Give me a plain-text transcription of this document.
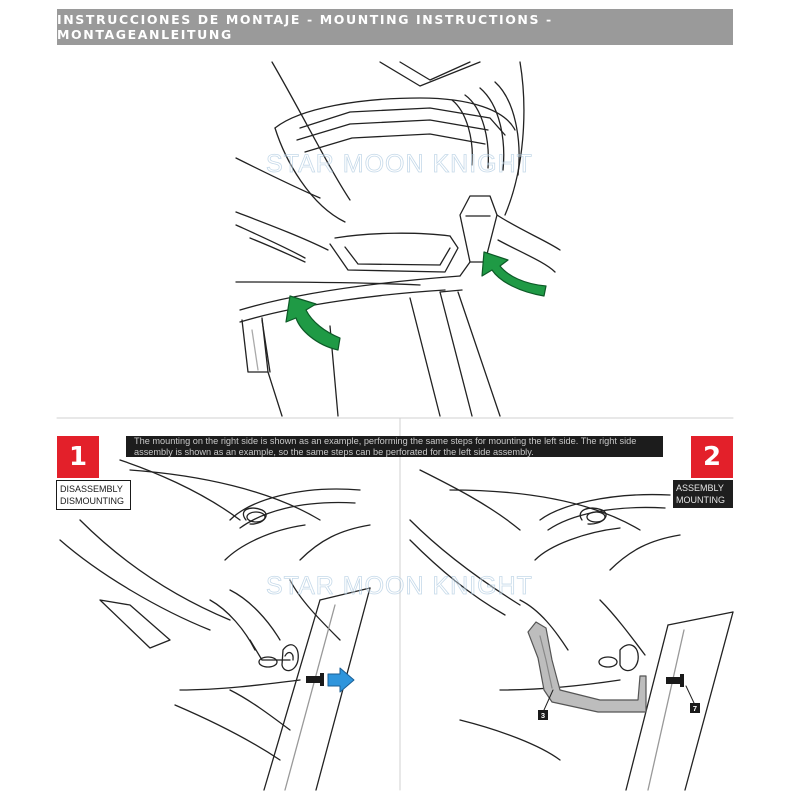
INSTRUCCIONES DE MONTAJE - MOUNTING INSTRUCTIONS - MONTAGEANLEITUNG
STAR MOON KNIGHT
STAR MOON KNIGHT
The mounting on the right side is shown as an example, performing the same steps for mounting the left side. The right side assembly is shown as an example, so the same steps can be perforated for the left side assembly.
1
DISASSEMBLY
DISMOUNTING
2
ASSEMBLY
MOUNTING
3
7
